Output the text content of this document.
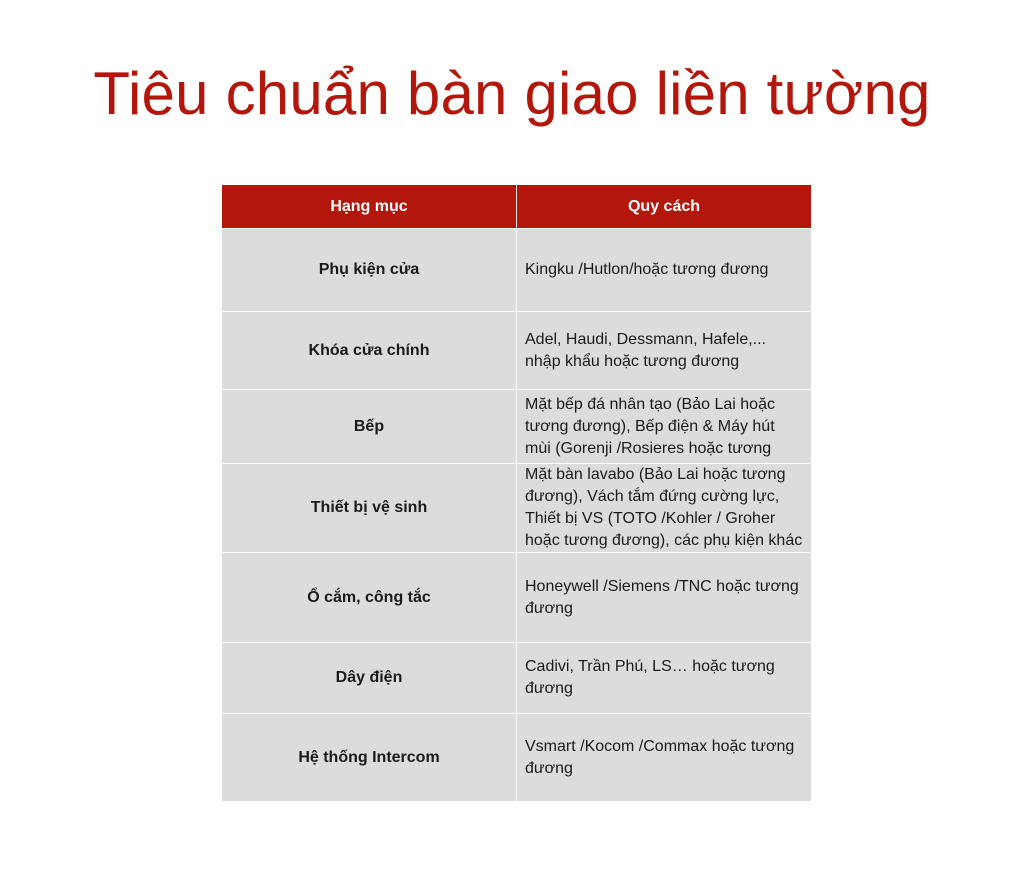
Tiêu chuẩn bàn giao liền tường
Hạng mục	Quy cách
Phụ kiện cửa	Kingku /Hutlon/hoặc tương đương

Khóa cửa chính	Adel, Haudi, Dessmann, Hafele,... nhập khẩu hoặc tương đương

Bếp	Mặt bếp đá nhân tạo (Bảo Lai hoặc tương đương), Bếp điện & Máy hút mùi (Gorenji /Rosieres hoặc tương

Thiết bị vệ sinh	Mặt bàn lavabo (Bảo Lai hoặc tương đương), Vách tắm đứng cường lực, Thiết bị VS (TOTO /Kohler / Groher hoặc tương đương), các phụ kiện khác

Ổ cắm, công tắc	Honeywell /Siemens /TNC hoặc tương đương

Dây điện	Cadivi, Trần Phú, LS… hoặc tương đương

Hệ thống Intercom	Vsmart /Kocom /Commax hoặc tương đương
